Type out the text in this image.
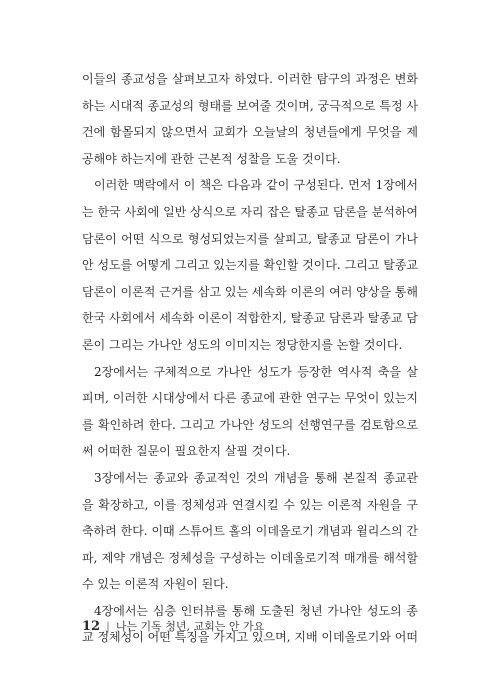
이들의 종교성을 살펴보고자 하였다. 이러한 탐구의 과정은 변화
하는 시대적 종교성의 형태를 보여줄 것이며, 궁극적으로 특정 사
건에 함몰되지 않으면서 교회가 오늘날의 청년들에게 무엇을 제
공해야 하는지에 관한 근본적 성찰을 도울 것이다.
이러한 맥락에서 이 책은 다음과 같이 구성된다. 먼저 1장에서
는 한국 사회에 일반 상식으로 자리 잡은 탈종교 담론을 분석하여
담론이 어떤 식으로 형성되었는지를 살피고, 탈종교 담론이 가나
안 성도를 어떻게 그리고 있는지를 확인할 것이다. 그리고 탈종교
담론이 이론적 근거를 삼고 있는 세속화 이론의 여러 양상을 통해
한국 사회에서 세속화 이론이 적합한지, 탈종교 담론과 탈종교 담
론이 그리는 가나안 성도의 이미지는 정당한지를 논할 것이다.
2장에서는 구체적으로 가나안 성도가 등장한 역사적 축을 살
피며, 이러한 시대상에서 다른 종교에 관한 연구는 무엇이 있는지
를 확인하려 한다. 그리고 가나안 성도의 선행연구를 검토함으로
써 어떠한 질문이 필요한지 살필 것이다.
3장에서는 종교와 종교적인 것의 개념을 통해 본질적 종교관
을 확장하고, 이를 정체성과 연결시킬 수 있는 이론적 자원을 구
축하려 한다. 이때 스튜어트 홀의 이데올로기 개념과 윌리스의 간
파, 제약 개념은 정체성을 구성하는 이데올로기적 매개를 해석할
수 있는 이론적 자원이 된다.
4장에서는 심층 인터뷰를 통해 도출된 청년 가나안 성도의 종
교 정체성이 어떤 특징을 가지고 있으며, 지배 이데올로기와 어떠
12 | 나는 기독 청년, 교회는 안 가요
